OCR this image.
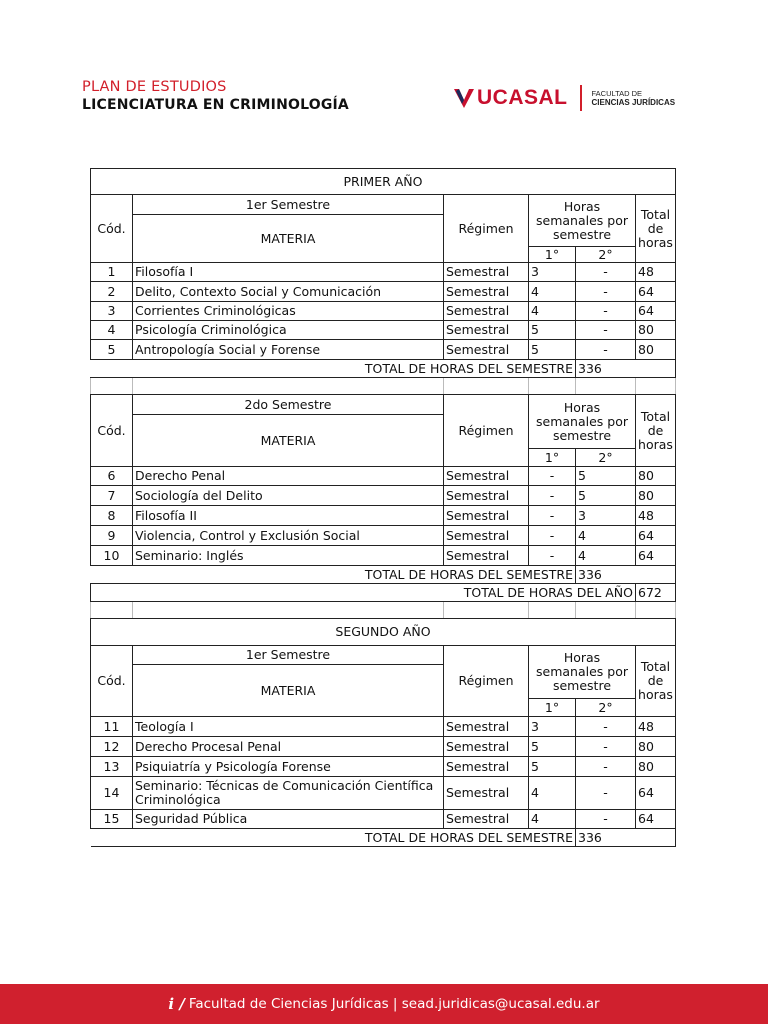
PLAN DE ESTUDIOS
LICENCIATURA EN CRIMINOLOGÍA	UCASAL	FACULTAD DE
CIENCIAS JURÍDICAS
PRIMER AÑO					
Cód.	1er Semestre	Régimen	Horas semanales por semestre		Total de horas
	MATERIA				
			1°	2°	
1	Filosofía I	Semestral	3	-	48
2	Delito, Contexto Social y Comunicación	Semestral	4	-	64
3	Corrientes Criminológicas	Semestral	4	-	64
4	Psicología Criminológica	Semestral	5	-	80
5	Antropología Social y Forense	Semestral	5	-	80
TOTAL DE HORAS DEL SEMESTRE				336	

Cód.	2do Semestre	Régimen	Horas semanales por semestre		Total de horas
	MATERIA				
			1°	2°	
6	Derecho Penal	Semestral	-	5	80
7	Sociología del Delito	Semestral	-	5	80
8	Filosofía II	Semestral	-	3	48
9	Violencia, Control y Exclusión Social	Semestral	-	4	64
10	Seminario: Inglés	Semestral	-	4	64
TOTAL DE HORAS DEL SEMESTRE				336	
TOTAL DE HORAS DEL AÑO					672

SEGUNDO AÑO					
Cód.	1er Semestre	Régimen	Horas semanales por semestre		Total de horas
	MATERIA				
			1°	2°	
11	Teología I	Semestral	3	-	48
12	Derecho Procesal Penal	Semestral	5	-	80
13	Psiquiatría y Psicología Forense	Semestral	5	-	80
14	Seminario: Técnicas de Comunicación Científica Criminológica	Semestral	4	-	64
15	Seguridad Pública	Semestral	4	-	64
TOTAL DE HORAS DEL SEMESTRE				336	
i / Facultad de Ciencias Jurídicas | sead.juridicas@ucasal.edu.ar
